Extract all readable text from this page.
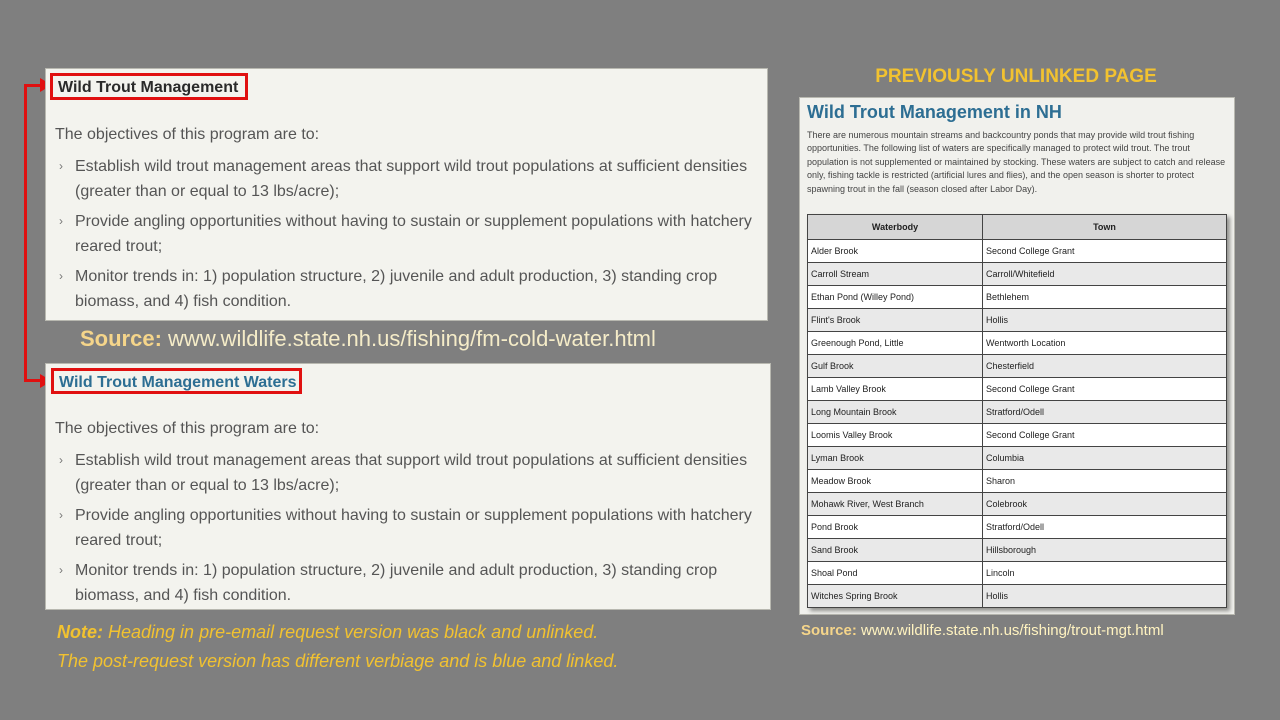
Wild Trout Management
The objectives of this program are to:
› Establish wild trout management areas that support wild trout populations at sufficient densities (greater than or equal to 13 lbs/acre);
› Provide angling opportunities without having to sustain or supplement populations with hatchery reared trout;
› Monitor trends in: 1) population structure, 2) juvenile and adult production, 3) standing crop biomass, and 4) fish condition.
Source: www.wildlife.state.nh.us/fishing/fm-cold-water.html
Wild Trout Management Waters
The objectives of this program are to:
› Establish wild trout management areas that support wild trout populations at sufficient densities (greater than or equal to 13 lbs/acre);
› Provide angling opportunities without having to sustain or supplement populations with hatchery reared trout;
› Monitor trends in: 1) population structure, 2) juvenile and adult production, 3) standing crop biomass, and 4) fish condition.
Note: Heading in pre-email request version was black and unlinked.
The post-request version has different verbiage and is blue and linked.
PREVIOUSLY UNLINKED PAGE
Wild Trout Management in NH
There are numerous mountain streams and backcountry ponds that may provide wild trout fishing opportunities. The following list of waters are specifically managed to protect wild trout. The trout population is not supplemented or maintained by stocking. These waters are subject to catch and release only, fishing tackle is restricted (artificial lures and flies), and the open season is shorter to protect spawning trout in the fall (season closed after Labor Day).
Waterbody	Town
Alder Brook	Second College Grant
Carroll Stream	Carroll/Whitefield
Ethan Pond (Willey Pond)	Bethlehem
Flint's Brook	Hollis
Greenough Pond, Little	Wentworth Location
Gulf Brook	Chesterfield
Lamb Valley Brook	Second College Grant
Long Mountain Brook	Stratford/Odell
Loomis Valley Brook	Second College Grant
Lyman Brook	Columbia
Meadow Brook	Sharon
Mohawk River, West Branch	Colebrook
Pond Brook	Stratford/Odell
Sand Brook	Hillsborough
Shoal Pond	Lincoln
Witches Spring Brook	Hollis
Source: www.wildlife.state.nh.us/fishing/trout-mgt.html
